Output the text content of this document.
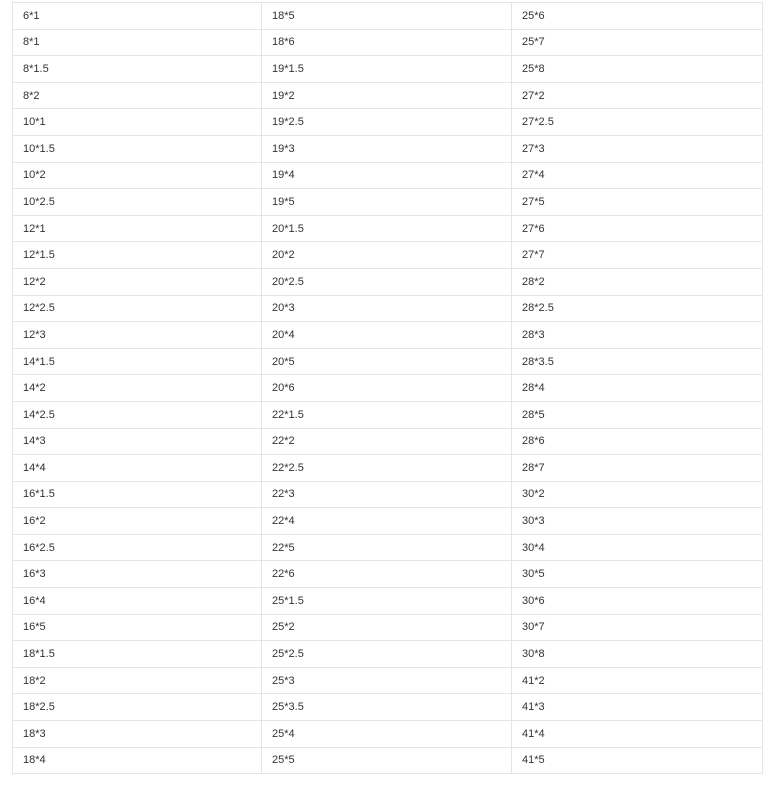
6*1	18*5	25*6
8*1	18*6	25*7
8*1.5	19*1.5	25*8
8*2	19*2	27*2
10*1	19*2.5	27*2.5
10*1.5	19*3	27*3
10*2	19*4	27*4
10*2.5	19*5	27*5
12*1	20*1.5	27*6
12*1.5	20*2	27*7
12*2	20*2.5	28*2
12*2.5	20*3	28*2.5
12*3	20*4	28*3
14*1.5	20*5	28*3.5
14*2	20*6	28*4
14*2.5	22*1.5	28*5
14*3	22*2	28*6
14*4	22*2.5	28*7
16*1.5	22*3	30*2
16*2	22*4	30*3
16*2.5	22*5	30*4
16*3	22*6	30*5
16*4	25*1.5	30*6
16*5	25*2	30*7
18*1.5	25*2.5	30*8
18*2	25*3	41*2
18*2.5	25*3.5	41*3
18*3	25*4	41*4
18*4	25*5	41*5
